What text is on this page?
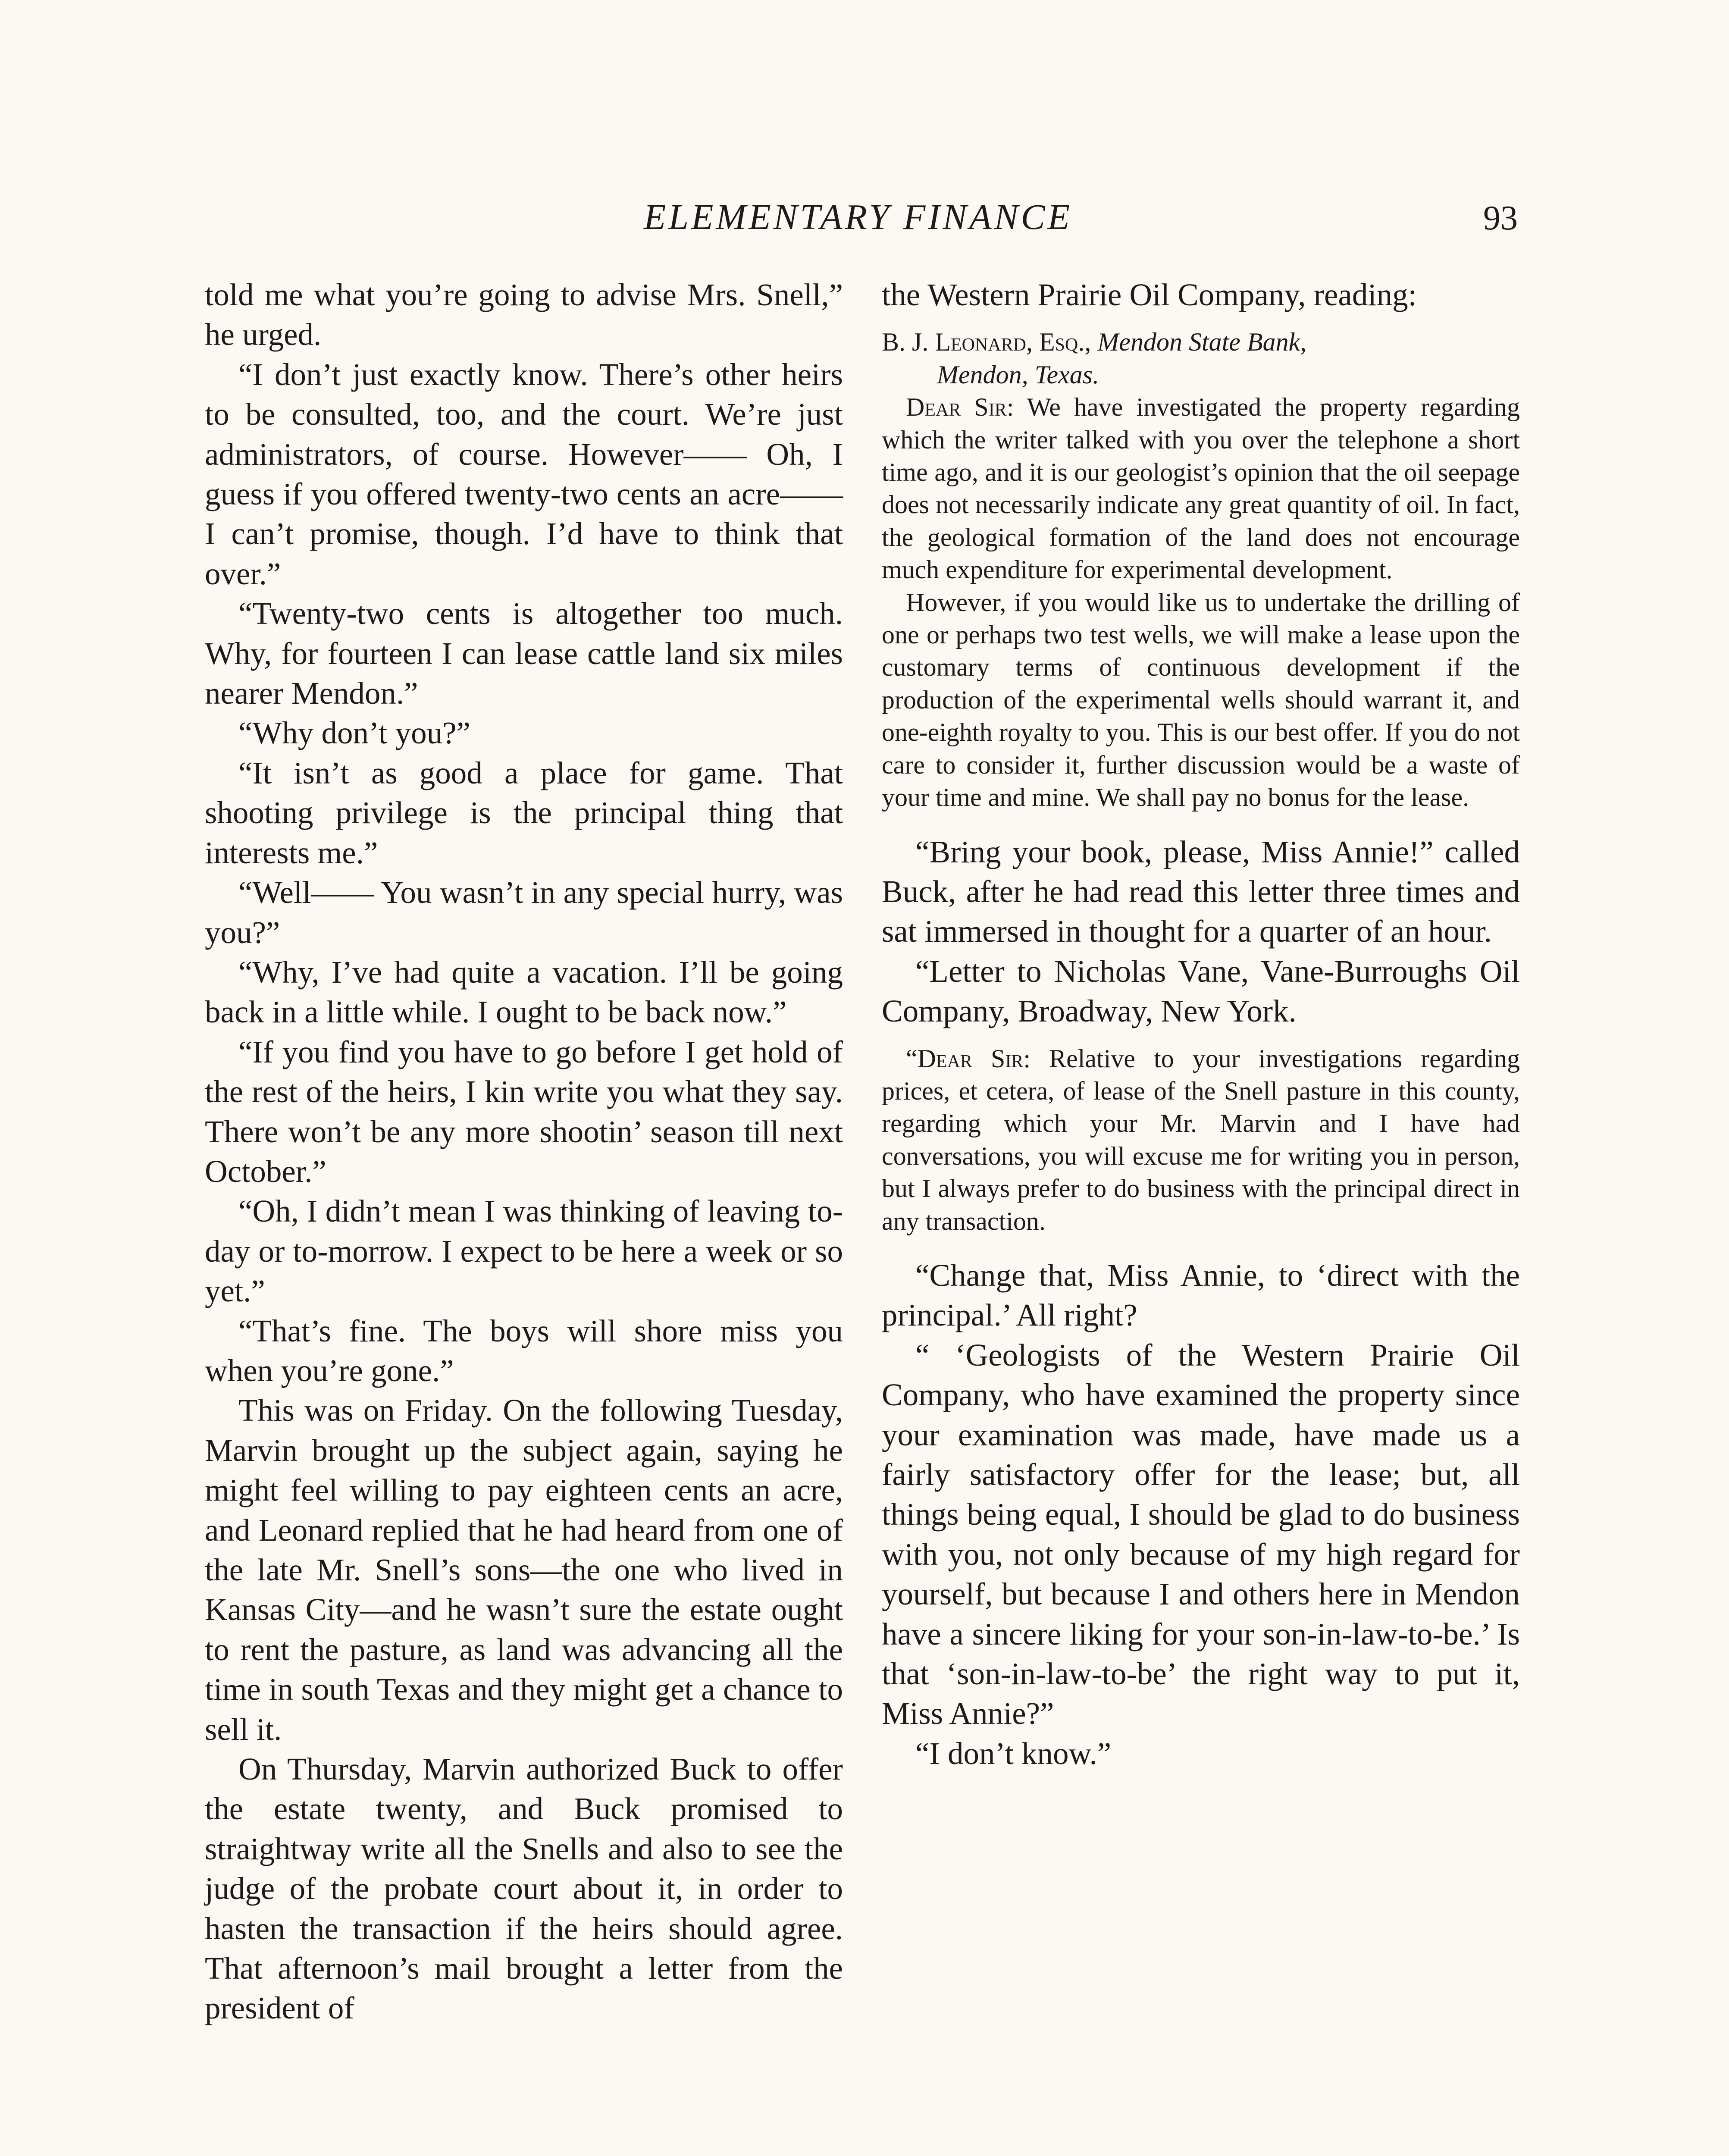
ELEMENTARY FINANCE	93

told me what you’re going to advise Mrs. Snell,” he urged.

“I don’t just exactly know. There’s other heirs to be consulted, too, and the court. We’re just administrators, of course. However—— Oh, I guess if you offered twenty-two cents an acre—— I can’t promise, though. I’d have to think that over.”

“Twenty-two cents is altogether too much. Why, for fourteen I can lease cattle land six miles nearer Mendon.”

“Why don’t you?”

“It isn’t as good a place for game. That shooting privilege is the principal thing that interests me.”

“Well—— You wasn’t in any special hurry, was you?”

“Why, I’ve had quite a vacation. I’ll be going back in a little while. I ought to be back now.”

“If you find you have to go before I get hold of the rest of the heirs, I kin write you what they say. There won’t be any more shootin’ season till next October.”

“Oh, I didn’t mean I was thinking of leaving to-day or to-morrow. I expect to be here a week or so yet.”

“That’s fine. The boys will shore miss you when you’re gone.”

This was on Friday. On the following Tuesday, Marvin brought up the subject again, saying he might feel willing to pay eighteen cents an acre, and Leonard replied that he had heard from one of the late Mr. Snell’s sons—the one who lived in Kansas City—and he wasn’t sure the estate ought to rent the pasture, as land was advancing all the time in south Texas and they might get a chance to sell it.

On Thursday, Marvin authorized Buck to offer the estate twenty, and Buck promised to straightway write all the Snells and also to see the judge of the probate court about it, in order to hasten the transaction if the heirs should agree. That afternoon’s mail brought a letter from the president of

the Western Prairie Oil Company, reading:

B. J. Leonard, Esq., Mendon State Bank,
Mendon, Texas.

Dear Sir: We have investigated the property regarding which the writer talked with you over the telephone a short time ago, and it is our geologist’s opinion that the oil seepage does not necessarily indicate any great quantity of oil. In fact, the geological formation of the land does not encourage much expenditure for experimental development.
However, if you would like us to undertake the drilling of one or perhaps two test wells, we will make a lease upon the customary terms of continuous development if the production of the experimental wells should warrant it, and one-eighth royalty to you. This is our best offer. If you do not care to consider it, further discussion would be a waste of your time and mine. We shall pay no bonus for the lease.

“Bring your book, please, Miss Annie!” called Buck, after he had read this letter three times and sat immersed in thought for a quarter of an hour.

“Letter to Nicholas Vane, Vane-Burroughs Oil Company, Broadway, New York.

“Dear Sir: Relative to your investigations regarding prices, et cetera, of lease of the Snell pasture in this county, regarding which your Mr. Marvin and I have had conversations, you will excuse me for writing you in person, but I always prefer to do business with the principal direct in any transaction.

“Change that, Miss Annie, to ‘direct with the principal.’ All right?

“ ‘Geologists of the Western Prairie Oil Company, who have examined the property since your examination was made, have made us a fairly satisfactory offer for the lease; but, all things being equal, I should be glad to do business with you, not only because of my high regard for yourself, but because I and others here in Mendon have a sincere liking for your son-in-law-to-be.’ Is that ‘son-in-law-to-be’ the right way to put it, Miss Annie?”

“I don’t know.”
